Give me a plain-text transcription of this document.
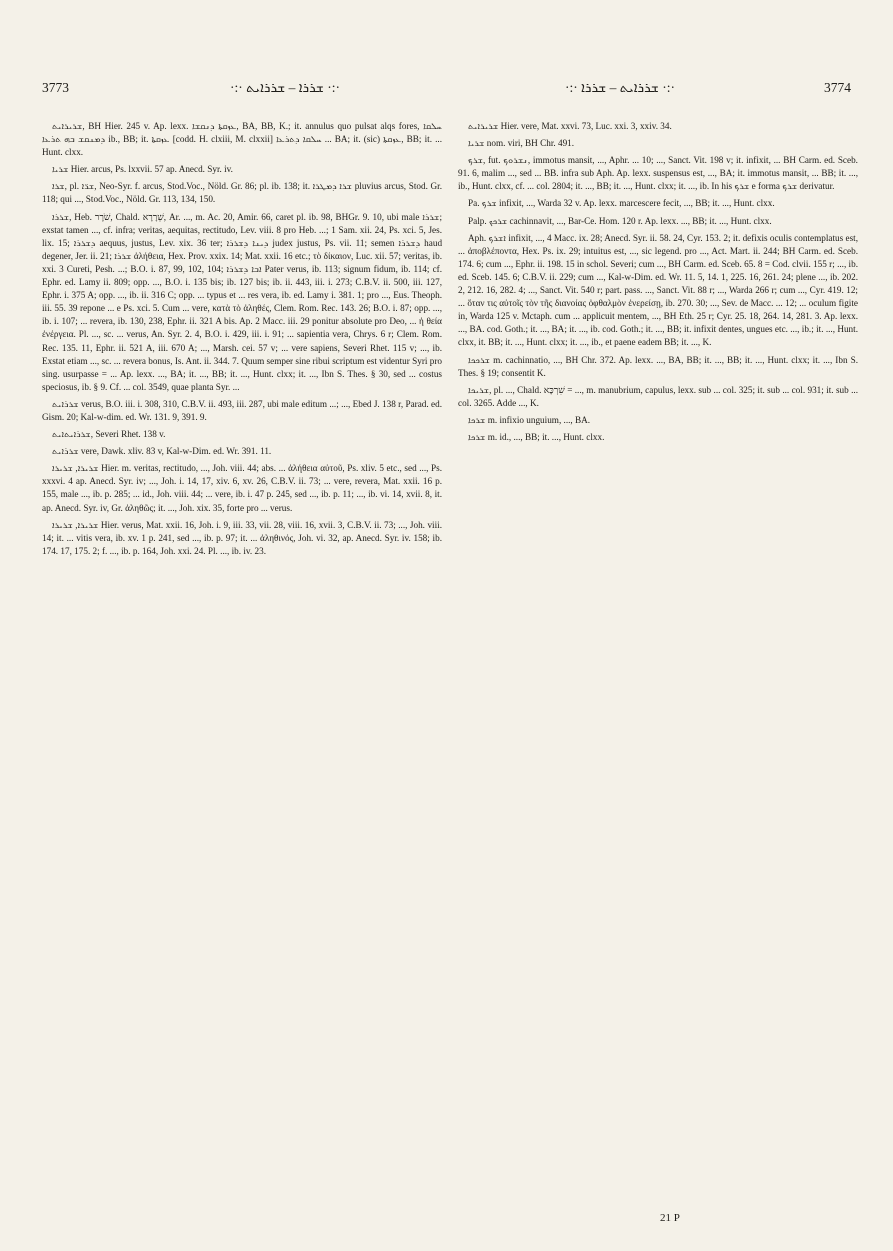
3773	·:· ܫܪܪܐ – ܫܪܪܐܝܬ ·:·	·:· ܫܪܪܐܝܬ – ܫܪܪܐ ·:·	3774

ܫܪܝܪܐܝܬ, BH Hier. 245 v. Ap. lexx. ܥܙܩܬܐ ܕܢܩܫܐ, BA, BB, K.; it. annulus quo pulsat alqs fores, ܚܠܩܐ ܕܡܢܩܫ ܒܗ ܬܪܥܐ ib., BB; it. ܥܙܩܬܐ [codd. H. clxiii, M. clxxii] ܚܠܩܐ ܕܬܪܥܐ ... BA; it. (sic) ܥܙܩܬܐ, BB; it. ... Hunt. clxx.

ܫܪܝܐ Hier. arcus, Ps. lxxvii. 57 ap. Anecd. Syr. iv.

ܫܪܐ, pl. ܫܪ̈ܐ, Neo-Syr. f. arcus, Stod.Voc., Nöld. Gr. 86; pl. ib. 138; it. ܫܪܐ ܕܡܛܪܐ pluvius arcus, Stod. Gr. 118; qui ..., Stod.Voc., Nöld. Gr. 113, 134, 150.

ܫܪܪܐ, Heb. שֹׁרֶר, Chald. שְׁרָרָא, Ar. ..., m. Ac. 20, Amir. 66, caret pl. ib. 98, BHGr. 9. 10, ubi male ܫܪܪܐ; exstat tamen ..., cf. infra; veritas, aequitas, rectitudo, Lev. viii. 8 pro Heb. ...; 1 Sam. xii. 24, Ps. xci. 5, Jes. lix. 15; ܕܫܪܪܐ aequus, justus, Lev. xix. 36 ter; ܕܝܢܐ ܕܫܪܪܐ judex justus, Ps. vii. 11; semen ܕܫܪܪܐ haud degener, Jer. ii. 21; ܫܪܪܐ ἀλήθεια, Hex. Prov. xxix. 14; Mat. xxii. 16 etc.; τὸ δίκαιον, Luc. xii. 57; veritas, ib. xxi. 3 Cureti, Pesh. ...; B.O. i. 87, 99, 102, 104; ܐܒܐ ܕܫܪܪܐ Pater verus, ib. 113; signum fidum, ib. 114; cf. Ephr. ed. Lamy ii. 809; opp. ..., B.O. i. 135 bis; ib. 127 bis; ib. ii. 443, iii. i. 273; C.B.V. ii. 500, iii. 127, Ephr. i. 375 A; opp. ..., ib. ii. 316 C; opp. ... typus et ... res vera, ib. ed. Lamy i. 381. 1; pro ..., Eus. Theoph. iii. 55. 39 repone ... e Ps. xci. 5. Cum ... vere, κατὰ τὸ ἀληθές, Clem. Rom. Rec. 143. 26; B.O. i. 87; opp. ..., ib. i. 107; ... revera, ib. 130, 238, Ephr. ii. 321 A bis. Ap. 2 Macc. iii. 29 ponitur absolute pro Deo, ... ἡ θεία ἐνέργεια. Pl. ..., sc. ... verus, An. Syr. 2. 4, B.O. i. 429, iii. i. 91; ... sapientia vera, Chrys. 6 r; Clem. Rom. Rec. 135. 11, Ephr. ii. 521 A, iii. 670 A; ..., Marsh. cei. 57 v; ... vere sapiens, Severi Rhet. 115 v; ..., ib. Exstat etiam ..., sc. ... revera bonus, Is. Ant. ii. 344. 7. Quum semper sine ribui scriptum est videntur Syri pro sing. usurpasse = ... Ap. lexx. ..., BA; it. ..., BB; it. ..., Hunt. clxx; it. ..., Ibn S. Thes. § 30, sed ... costus speciosus, ib. § 9. Cf. ... col. 3549, quae planta Syr. ...

ܫܪܪܐܝܬ verus, B.O. iii. i. 308, 310, C.B.V. ii. 493, iii. 287, ubi male editum ...; ..., Ebed J. 138 r, Parad. ed. Gism. 20; Kal-w-dim. ed. Wr. 131. 9, 391. 9.

ܫܪܪܐܝܬܐܝܬ, Severi Rhet. 138 v.

ܫܪܪܐܝܬ vere, Dawk. xliv. 83 v, Kal-w-Dim. ed. Wr. 391. 11.

ܫܪܝܪܐ, ܫܪܝܪܐ Hier. m. veritas, rectitudo, ..., Joh. viii. 44; abs. ... ἀλήθεια αὐτοῦ, Ps. xliv. 5 etc., sed ..., Ps. xxxvi. 4 ap. Anecd. Syr. iv; ..., Joh. i. 14, 17, xiv. 6, xv. 26, C.B.V. ii. 73; ... vere, revera, Mat. xxii. 16 p. 155, male ..., ib. p. 285; ... id., Joh. viii. 44; ... vere, ib. i. 47 p. 245, sed ..., ib. p. 11; ..., ib. vi. 14, xvii. 8, it. ap. Anecd. Syr. iv, Gr. ἀληθῶς; it. ..., Joh. xix. 35, forte pro ... verus.

ܫܪܝܪܐ, ܫܪܝܪܐ Hier. verus, Mat. xxii. 16, Joh. i. 9, iii. 33, vii. 28, viii. 16, xvii. 3, C.B.V. ii. 73; ..., Joh. viii. 14; it. ... vitis vera, ib. xv. 1 p. 241, sed ..., ib. p. 97; it. ... ἀληθινός, Joh. vi. 32, ap. Anecd. Syr. iv. 158; ib. 174. 17, 175. 2; f. ..., ib. p. 164, Joh. xxi. 24. Pl. ..., ib. iv. 23.

ܫܪܝܪܐܝܬ Hier. vere, Mat. xxvi. 73, Luc. xxi. 3, xxiv. 34.

ܫܪܝܐ nom. viri, BH Chr. 491.

ܫܪܟ, fut. ܢܫܪܘܟ, immotus mansit, ..., Aphr. ... 10; ..., Sanct. Vit. 198 v; it. infixit, ... BH Carm. ed. Sceb. 91. 6, malim ..., sed ... BB. infra sub Aph. Ap. lexx. suspensus est, ..., BA; it. immotus mansit, ... BB; it. ..., ib., Hunt. clxx, cf. ... col. 2804; it. ..., BB; it. ..., Hunt. clxx; it. ..., ib. In his ܫܪܟ e forma ܫܪܟ derivatur.

Pa. ܫܪܟ infixit, ..., Warda 32 v. Ap. lexx. marcescere fecit, ..., BB; it. ..., Hunt. clxx.

Palp. ܫܪܟܟ cachinnavit, ..., Bar-Ce. Hom. 120 r. Ap. lexx. ..., BB; it. ..., Hunt. clxx.

Aph. ܐܫܪܟ infixit, ..., 4 Macc. ix. 28; Anecd. Syr. ii. 58. 24, Cyr. 153. 2; it. defixis oculis contemplatus est, ... ἀποβλέποντα, Hex. Ps. ix. 29; intuitus est, ..., sic legend. pro ..., Act. Mart. ii. 244; BH Carm. ed. Sceb. 174. 6; cum ..., Ephr. ii. 198. 15 in schol. Severi; cum ..., BH Carm. ed. Sceb. 65. 8 = Cod. clvii. 155 r; ..., ib. ed. Sceb. 145. 6; C.B.V. ii. 229; cum ..., Kal-w-Dim. ed. Wr. 11. 5, 14. 1, 225. 16, 261. 24; plene ..., ib. 202. 2, 212. 16, 282. 4; ..., Sanct. Vit. 540 r; part. pass. ..., Sanct. Vit. 88 r; ..., Warda 266 r; cum ..., Cyr. 419. 12; ... ὅταν τις αὐτοῖς τὸν τῆς διανοίας ὀφθαλμὸν ἐνερείσῃ, ib. 270. 30; ..., Sev. de Macc. ... 12; ... oculum figite in, Warda 125 v. Mctaph. cum ... applicuit mentem, ..., BH Eth. 25 r; Cyr. 25. 18, 264. 14, 281. 3. Ap. lexx. ..., BA. cod. Goth.; it. ..., BA; it. ..., ib. cod. Goth.; it. ..., BB; it. infixit dentes, ungues etc. ..., ib.; it. ..., Hunt. clxx, it. BB; it. ..., Hunt. clxx; it. ..., ib., et paene eadem BB; it. ..., K.

ܫܪܟܟܐ m. cachinnatio, ..., BH Chr. 372. Ap. lexx. ..., BA, BB; it. ..., BB; it. ..., Hunt. clxx; it. ..., Ibn S. Thes. § 19; consentit K.

ܫܪܝܟܐ, pl. ..., Chald. שִׁרְכָּא = ..., m. manubrium, capulus, lexx. sub ... col. 325; it. sub ... col. 931; it. sub ... col. 3265. Adde ..., K.

ܫܪܟܐ m. infixio unguium, ..., BA.

ܫܪܟܐ m. id., ..., BB; it. ..., Hunt. clxx.

21 P
